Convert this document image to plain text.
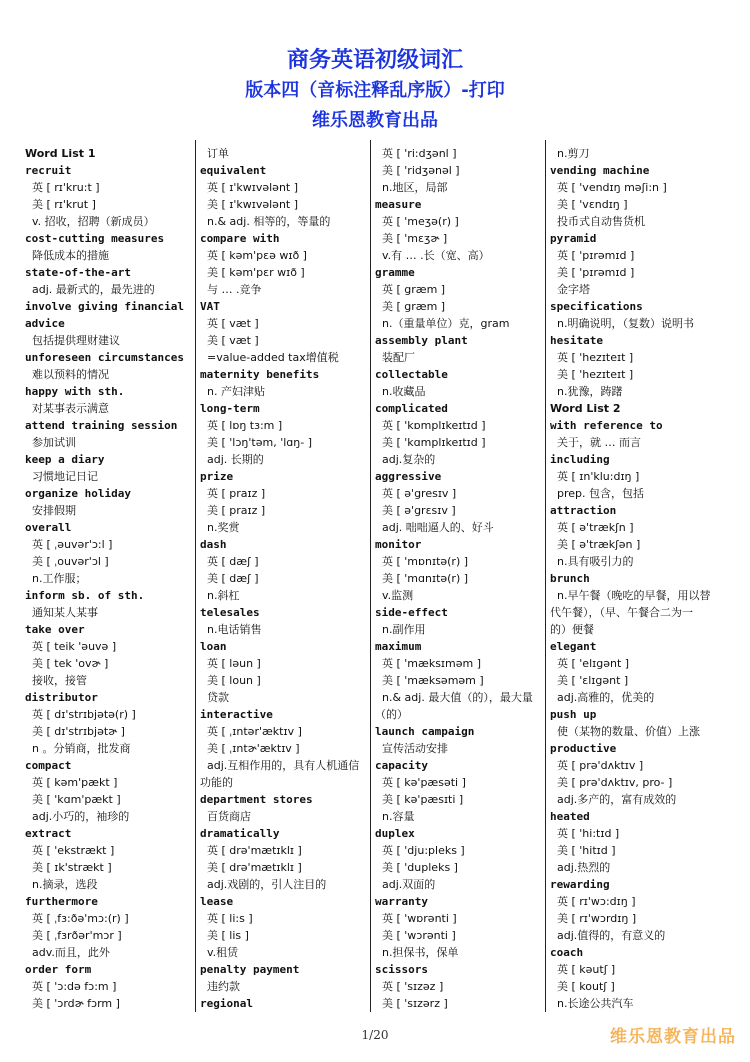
商务英语初级词汇
版本四（音标注释乱序版）-打印
维乐恩教育出品
Word List 1
recruit
英 [ rɪ'kru:t ]
美 [ rɪ'krut ]
v. 招收，招聘（新成员）
cost-cutting measures
降低成本的措施
state-of-the-art
adj. 最新式的，最先进的
involve giving financial
advice
包括提供理财建议
unforeseen circumstances
难以预料的情况
happy with sth.
对某事表示满意
attend training session
参加试训
keep a diary
习惯地记日记
organize holiday
安排假期
overall
英 [ ˌəuvər'ɔ:l ]
美 [ ˌouvər'ɔl ]
n.工作服；
inform sb. of sth.
通知某人某事
take over
英 [ teik 'əuvə ]
美 [ tek 'ovɚ ]
接收，接管
distributor
英 [ dɪ'strɪbjətə(r) ]
美 [ dɪ'strɪbjətɚ ]
n 。分销商，批发商
compact
英 [ kəm'pækt ]
美 [ 'kɑm'pækt ]
adj.小巧的，袖珍的
extract
英 [ 'ekstrækt ]
美 [ ɪk'strækt ]
n.摘录，选段
furthermore
英 [ ˌfɜ:ðə'mɔ:(r) ]
美 [ ˌfɜrðər'mɔr ]
adv.而且，此外
order form
英 [ 'ɔ:də fɔ:m ]
美 [ 'ɔrdɚ fɔrm ]
订单
equivalent
英 [ ɪ'kwɪvələnt ]
美 [ ɪ'kwɪvələnt ]
n.& adj. 相等的，等量的
compare with
英 [ kəm'pɛə wɪð ]
美 [ kəm'pɛr wɪð ]
与 … .竞争
VAT
英 [ væt ]
美 [ væt ]
=value-added tax增值税
maternity benefits
n. 产妇津贴
long-term
英 [ lɒŋ tɜ:m ]
美 [ 'lɔŋ'təm, 'lɑŋ- ]
adj. 长期的
prize
英 [ praɪz ]
美 [ praɪz ]
n.奖赏
dash
英 [ dæʃ ]
美 [ dæʃ ]
n.斜杠
telesales
n.电话销售
loan
英 [ ləun ]
美 [ loun ]
贷款
interactive
英 [ ˌɪntər'æktɪv ]
美 [ ˌɪntɚ'æktɪv ]
adj.互相作用的，具有人机通信
功能的
department stores
百货商店
dramatically
英 [ drə'mætɪklɪ ]
美 [ drə'mætɪklɪ ]
adj.戏剧的，引人注目的
lease
英 [ li:s ]
美 [ lis ]
v.租赁
penalty payment
违约款
regional
英 [ 'ri:dʒənl ]
美 [ 'ridʒənəl ]
n.地区，局部
measure
英 [ 'meʒə(r) ]
美 [ 'mɛʒɚ ]
v.有 … .长（宽、高）
gramme
英 [ græm ]
美 [ græm ]
n.（重量单位）克，gram
assembly plant
装配厂
collectable
n.收藏品
complicated
英 [ 'kɒmplɪkeɪtɪd ]
美 [ 'kɑmplɪkeɪtɪd ]
adj.复杂的
aggressive
英 [ ə'gresɪv ]
美 [ ə'grɛsɪv ]
adj. 咄咄逼人的、好斗
monitor
英 [ 'mɒnɪtə(r) ]
美 [ 'mɑnɪtə(r) ]
v.监测
side-effect
n.副作用
maximum
英 [ 'mæksɪməm ]
美 [ 'mæksəməm ]
n.& adj. 最大值（的），最大量
（的）
launch campaign
宣传活动安排
capacity
英 [ kə'pæsəti ]
美 [ kə'pæsɪti ]
n.容量
duplex
英 [ 'dju:pleks ]
美 [ 'dupleks ]
adj.双面的
warranty
英 [ 'wɒrənti ]
美 [ 'wɔrənti ]
n.担保书，保单
scissors
英 [ 'sɪzəz ]
美 [ 'sɪzərz ]
n.剪刀
vending machine
英 [ 'vendɪŋ məʃi:n ]
美 [ 'vɛndɪŋ ]
投币式自动售货机
pyramid
英 [ 'pɪrəmɪd ]
美 [ 'pɪrəmɪd ]
金字塔
specifications
n.明确说明，（复数）说明书
hesitate
英 [ 'hezɪteɪt ]
美 [ 'hezɪteɪt ]
n.犹豫，踌躇
Word List 2
with reference to
关于，就 … 而言
including
英 [ ɪn'klu:dɪŋ ]
prep. 包含，包括
attraction
英 [ ə'trækʃn ]
美 [ ə'trækʃən ]
n.具有吸引力的
brunch
n.早午餐（晚吃的早餐，用以替
代午餐），（早、午餐合二为一
的）便餐
elegant
英 [ 'elɪgənt ]
美 [ 'ɛlɪgənt ]
adj.高雅的，优美的
push up
使（某物的数量、价值）上涨
productive
英 [ prə'dʌktɪv ]
美 [ prə'dʌktɪv, pro- ]
adj.多产的，富有成效的
heated
英 [ 'hi:tɪd ]
美 [ 'hitɪd ]
adj.热烈的
rewarding
英 [ rɪ'wɔ:dɪŋ ]
美 [ rɪ'wɔrdɪŋ ]
adj.值得的，有意义的
coach
英 [ kəutʃ ]
美 [ koutʃ ]
n.长途公共汽车
1/20	维乐恩教育出品
